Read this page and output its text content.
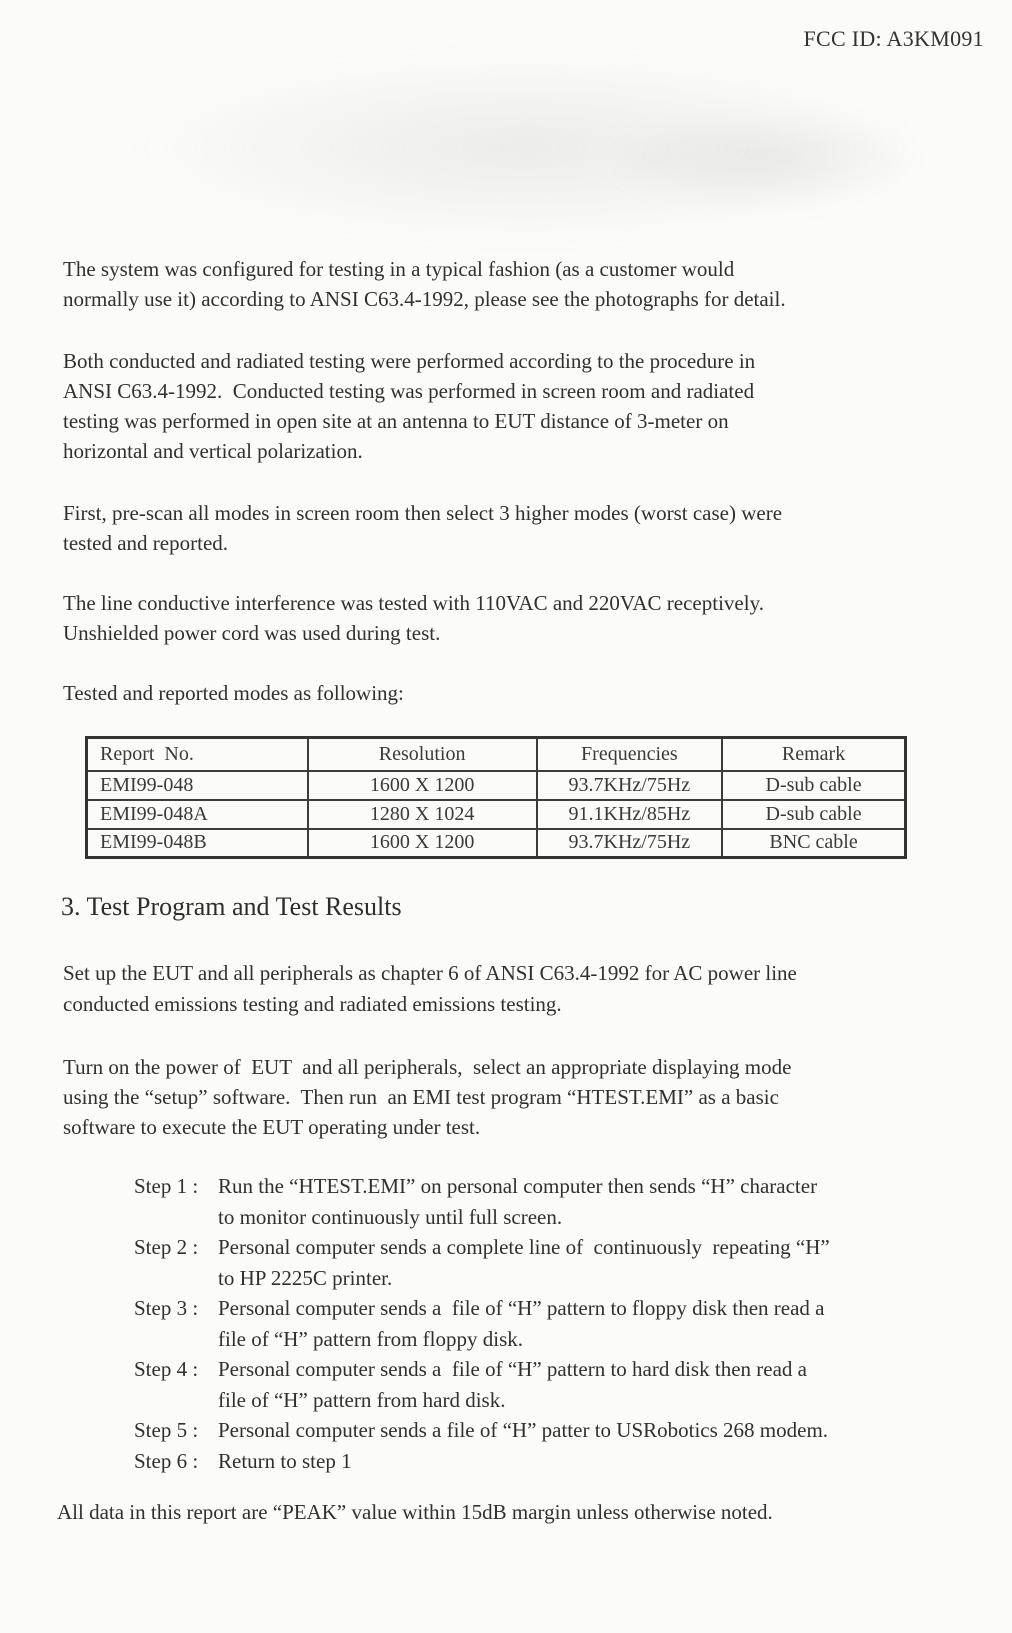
FCC ID: A3KM091
The system was configured for testing in a typical fashion (as a customer would
normally use it) according to ANSI C63.4-1992, please see the photographs for detail.
Both conducted and radiated testing were performed according to the procedure in
ANSI C63.4-1992.  Conducted testing was performed in screen room and radiated
testing was performed in open site at an antenna to EUT distance of 3-meter on
horizontal and vertical polarization.
First, pre-scan all modes in screen room then select 3 higher modes (worst case) were
tested and reported.
The line conductive interference was tested with 110VAC and 220VAC receptively.
Unshielded power cord was used during test.
Tested and reported modes as following:
Report  No.	Resolution	Frequencies	Remark
EMI99-048	1600 X 1200	93.7KHz/75Hz	D-sub cable
EMI99-048A	1280 X 1024	91.1KHz/85Hz	D-sub cable
EMI99-048B	1600 X 1200	93.7KHz/75Hz	BNC cable
3. Test Program and Test Results
Set up the EUT and all peripherals as chapter 6 of ANSI C63.4-1992 for AC power line
conducted emissions testing and radiated emissions testing.
Turn on the power of  EUT  and all peripherals,  select an appropriate displaying mode
using the “setup” software.  Then run  an EMI test program “HTEST.EMI” as a basic
software to execute the EUT operating under test.
Step 1 : Run the “HTEST.EMI” on personal computer then sends “H” character
to monitor continuously until full screen.
Step 2 : Personal computer sends a complete line of  continuously  repeating “H”
to HP 2225C printer.
Step 3 : Personal computer sends a  file of “H” pattern to floppy disk then read a
file of “H” pattern from floppy disk.
Step 4 : Personal computer sends a  file of “H” pattern to hard disk then read a
file of “H” pattern from hard disk.
Step 5 : Personal computer sends a file of “H” patter to USRobotics 268 modem.
Step 6 : Return to step 1
All data in this report are “PEAK” value within 15dB margin unless otherwise noted.
